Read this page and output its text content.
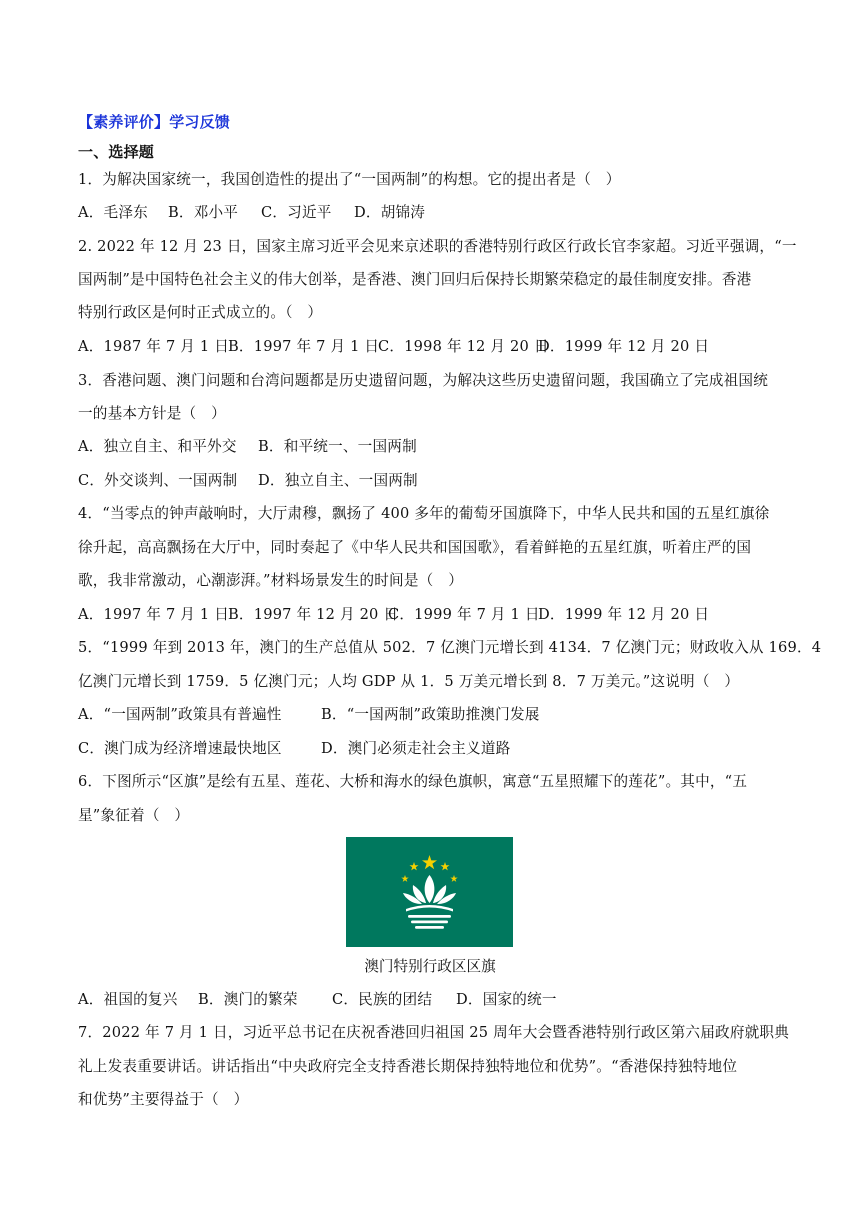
【素养评价】学习反馈
一、选择题
1．为解决国家统一，我国创造性的提出了“一国两制”的构想。它的提出者是（　）
A．毛泽东 B．邓小平 C．习近平 D．胡锦涛
2. 2022 年 12 月 23 日，国家主席习近平会见来京述职的香港特别行政区行政长官李家超。习近平强调，“一
国两制”是中国特色社会主义的伟大创举，是香港、澳门回归后保持长期繁荣稳定的最佳制度安排。香港
特别行政区是何时正式成立的。（　）
A．1987 年 7 月 1 日B．1997 年 7 月 1 日C．1998 年 12 月 20 日D．1999 年 12 月 20 日
3．香港问题、澳门问题和台湾问题都是历史遗留问题，为解决这些历史遗留问题，我国确立了完成祖国统
一的基本方针是（　）
A．独立自主、和平外交 B．和平统一、一国两制
C．外交谈判、一国两制 D．独立自主、一国两制
4．“当零点的钟声敲响时，大厅肃穆，飘扬了 400 多年的葡萄牙国旗降下，中华人民共和国的五星红旗徐
徐升起，高高飘扬在大厅中，同时奏起了《中华人民共和国国歌》，看着鲜艳的五星红旗，听着庄严的国
歌，我非常激动，心潮澎湃。”材料场景发生的时间是（　）
A．1997 年 7 月 1 日B．1997 年 12 月 20 日C．1999 年 7 月 1 日D．1999 年 12 月 20 日
5．“1999 年到 2013 年，澳门的生产总值从 502．7 亿澳门元增长到 4134．7 亿澳门元；财政收入从 169．4
亿澳门元增长到 1759．5 亿澳门元；人均 GDP 从 1．5 万美元增长到 8．7 万美元。”这说明（　）
A．“一国两制”政策具有普遍性	B．“一国两制”政策助推澳门发展
C．澳门成为经济增速最快地区	D．澳门必须走社会主义道路
6．下图所示“区旗”是绘有五星、莲花、大桥和海水的绿色旗帜，寓意“五星照耀下的莲花”。其中，“五
星”象征着（　）
澳门特别行政区区旗
A．祖国的复兴 B．澳门的繁荣 C．民族的团结 D．国家的统一
7．2022 年 7 月 1 日，习近平总书记在庆祝香港回归祖国 25 周年大会暨香港特别行政区第六届政府就职典
礼上发表重要讲话。讲话指出“中央政府完全支持香港长期保持独特地位和优势”。“香港保持独特地位
和优势”主要得益于（　）
